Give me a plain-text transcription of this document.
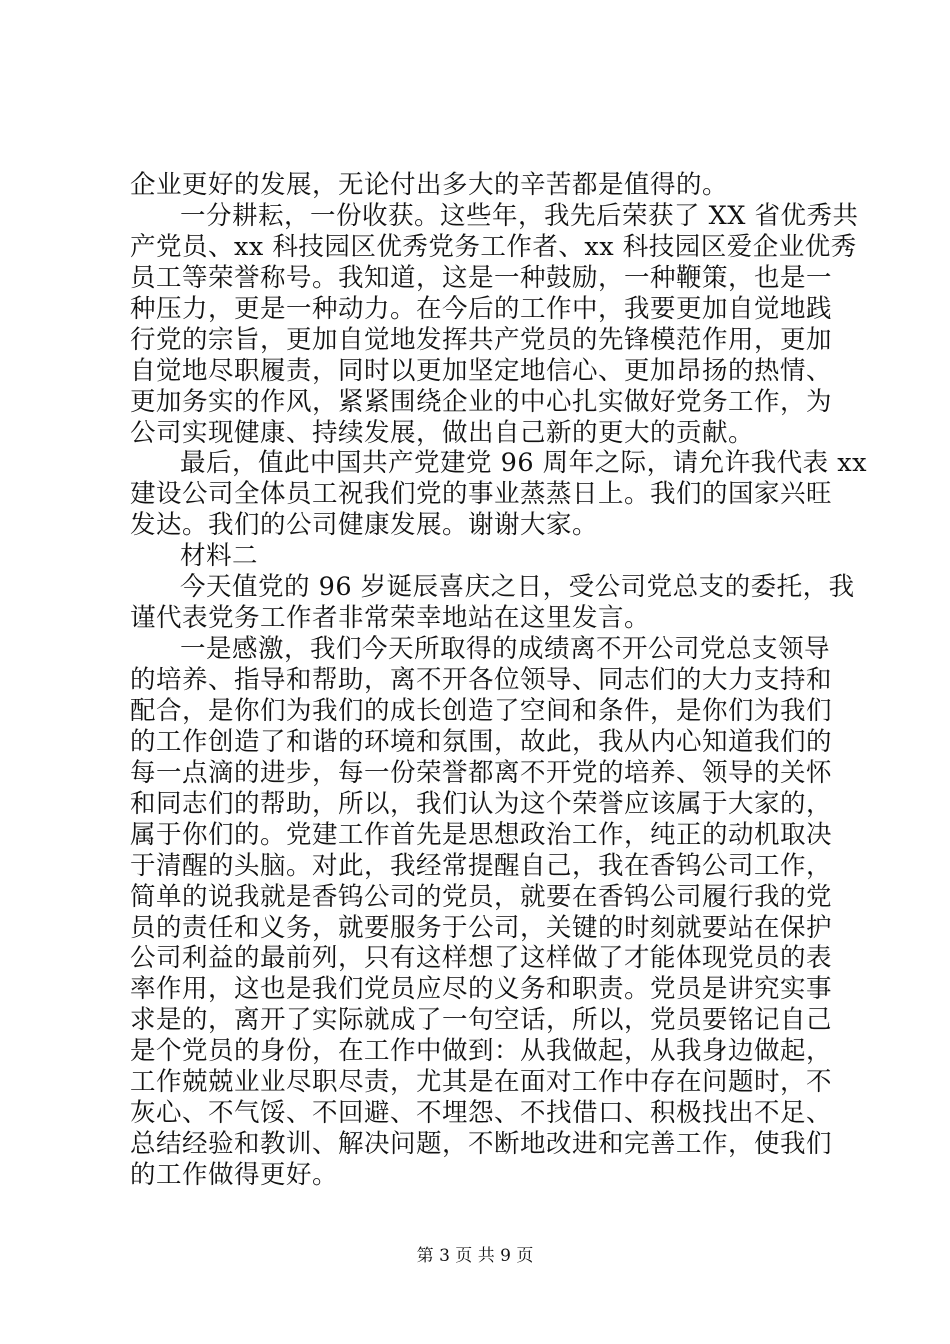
企业更好的发展，无论付出多大的辛苦都是值得的。
一分耕耘，一份收获。这些年，我先后荣获了 XX 省优秀共
产党员、xx 科技园区优秀党务工作者、xx 科技园区爱企业优秀
员工等荣誉称号。我知道，这是一种鼓励，一种鞭策，也是一
种压力，更是一种动力。在今后的工作中，我要更加自觉地践
行党的宗旨，更加自觉地发挥共产党员的先锋模范作用，更加
自觉地尽职履责，同时以更加坚定地信心、更加昂扬的热情、
更加务实的作风，紧紧围绕企业的中心扎实做好党务工作，为
公司实现健康、持续发展，做出自己新的更大的贡献。
最后，值此中国共产党建党 96 周年之际，请允许我代表 xx
建设公司全体员工祝我们党的事业蒸蒸日上。我们的国家兴旺
发达。我们的公司健康发展。谢谢大家。
材料二
今天值党的 96 岁诞辰喜庆之日，受公司党总支的委托，我
谨代表党务工作者非常荣幸地站在这里发言。
一是感激，我们今天所取得的成绩离不开公司党总支领导
的培养、指导和帮助，离不开各位领导、同志们的大力支持和
配合，是你们为我们的成长创造了空间和条件，是你们为我们
的工作创造了和谐的环境和氛围，故此，我从内心知道我们的
每一点滴的进步，每一份荣誉都离不开党的培养、领导的关怀
和同志们的帮助，所以，我们认为这个荣誉应该属于大家的，
属于你们的。党建工作首先是思想政治工作，纯正的动机取决
于清醒的头脑。对此，我经常提醒自己，我在香钨公司工作，
简单的说我就是香钨公司的党员，就要在香钨公司履行我的党
员的责任和义务，就要服务于公司，关键的时刻就要站在保护
公司利益的最前列，只有这样想了这样做了才能体现党员的表
率作用，这也是我们党员应尽的义务和职责。党员是讲究实事
求是的，离开了实际就成了一句空话，所以，党员要铭记自己
是个党员的身份，在工作中做到：从我做起，从我身边做起，
工作兢兢业业尽职尽责，尤其是在面对工作中存在问题时，不
灰心、不气馁、不回避、不埋怨、不找借口、积极找出不足、
总结经验和教训、解决问题，不断地改进和完善工作，使我们
的工作做得更好。
第 3 页 共 9 页
